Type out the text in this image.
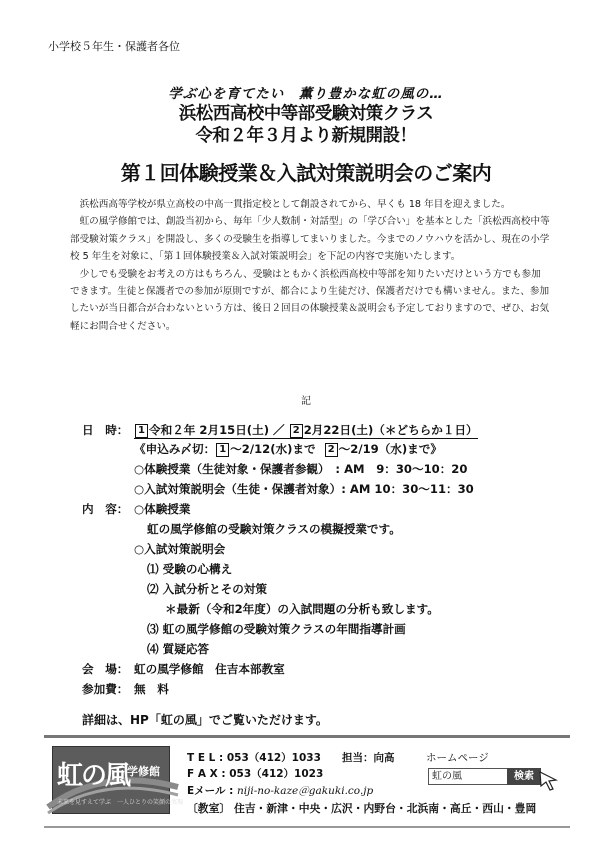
小学校５年生・保護者各位
学ぶ心を育てたい　薫り豊かな虹の風の…
浜松西高校中等部受験対策クラス
令和２年３月より新規開設！
第１回体験授業＆入試対策説明会のご案内

浜松西高等学校が県立高校の中高一貫指定校として創設されてから、早くも 18 年目を迎えました。

虹の風学修館では、創設当初から、毎年「少人数制・対話型」の「学び合い」を基本とした「浜松西高校中等部受験対策クラス」を開設し、多くの受験生を指導してまいりました。今までのノウハウを活かし、現在の小学校 5 年生を対象に、「第１回体験授業＆入試対策説明会」を下記の内容で実施いたします。

少しでも受験をお考えの方はもちろん、受験はともかく浜松西高校中等部を知りたいだけという方でも参加できます。生徒と保護者での参加が原則ですが、都合により生徒だけ、保護者だけでも構いません。また、参加したいが当日都合が合わないという方は、後日２回目の体験授業＆説明会も予定しておりますので、ぜひ、お気軽にお問合せください。

記
日　時： 1 令和２年 2月15日(土) ／ 2 2月22日(土)（＊どちらか１日）
《申込み〆切： 1 ～2/12(水)まで 2 ～2/19（水)まで》
○体験授業（生徒対象・保護者参観）　: AM　9：30～10：20
○入試対策説明会（生徒・保護者対象）: AM 10：30～11：30
内　容： ○体験授業
虹の風学修館の受験対策クラスの模擬授業です。
○入試対策説明会
⑴ 受験の心構え
⑵ 入試分析とその対策
＊最新（令和2年度）の入試問題の分析も致します。
⑶ 虹の風学修館の受験対策クラスの年間指導計画
⑷ 質疑応答
会　場： 虹の風学修館　住吉本部教室
参加費： 無　料
詳細は、HP「虹の風」でご覧いただけます。
虹の風
学修館
未来を見すえて学ぶ　一人ひとりの笑顔の実現
T E L : 053（412）1033 担当：向高	ホームページ
F A X : 053（412）1023	虹の風	検索
Eメール : niji-no-kaze＠gakuki.co.jp
〔教室〕 住吉・新津・中央・広沢・内野台・北浜南・高丘・西山・豊岡
